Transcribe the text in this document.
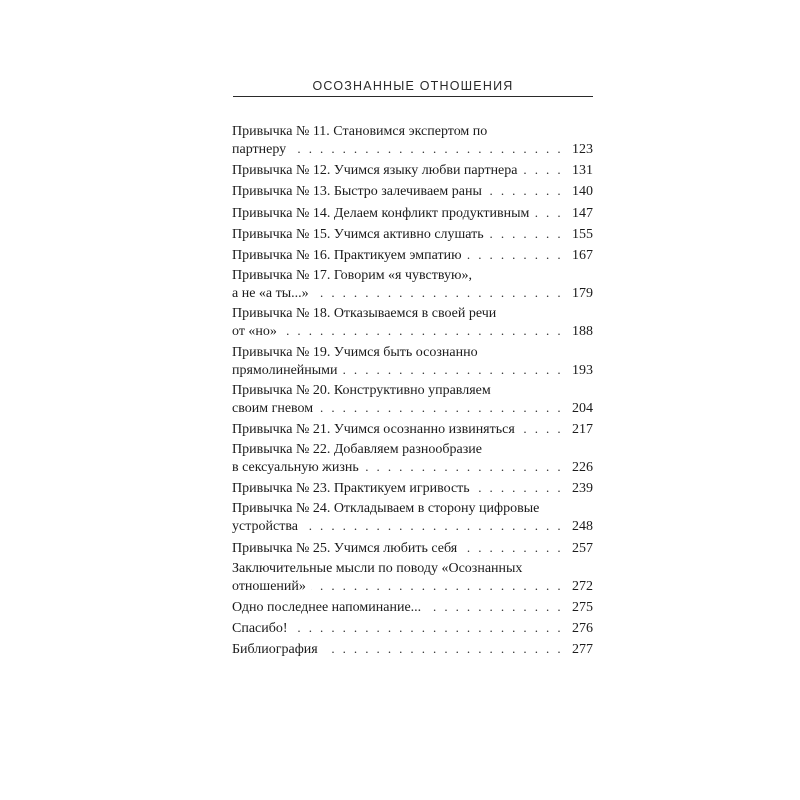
ОСОЗНАННЫЕ ОТНОШЕНИЯ
Привычка № 11. Становимся экспертом по
партнеру . . .	123
Привычка № 12. Учимся языку любви партнера . . .	131
Привычка № 13. Быстро залечиваем раны . . .	140
Привычка № 14. Делаем конфликт продуктивным . . .	147
Привычка № 15. Учимся активно слушать . . .	155
Привычка № 16. Практикуем эмпатию . . .	167
Привычка № 17. Говорим «я чувствую»,
а не «а ты...» . . .	179
Привычка № 18. Отказываемся в своей речи
от «но» . . .	188
Привычка № 19. Учимся быть осознанно
прямолинейными . . .	193
Привычка № 20. Конструктивно управляем
своим гневом . . .	204
Привычка № 21. Учимся осознанно извиняться . . .	217
Привычка № 22. Добавляем разнообразие
в сексуальную жизнь . . .	226
Привычка № 23. Практикуем игривость . . .	239
Привычка № 24. Откладываем в сторону цифровые
устройства . . .	248
Привычка № 25. Учимся любить себя . . .	257
Заключительные мысли по поводу «Осознанных
отношений» . . .	272
Одно последнее напоминание... . . .	275
Спасибо! . . .	276
Библиография . . .	277
